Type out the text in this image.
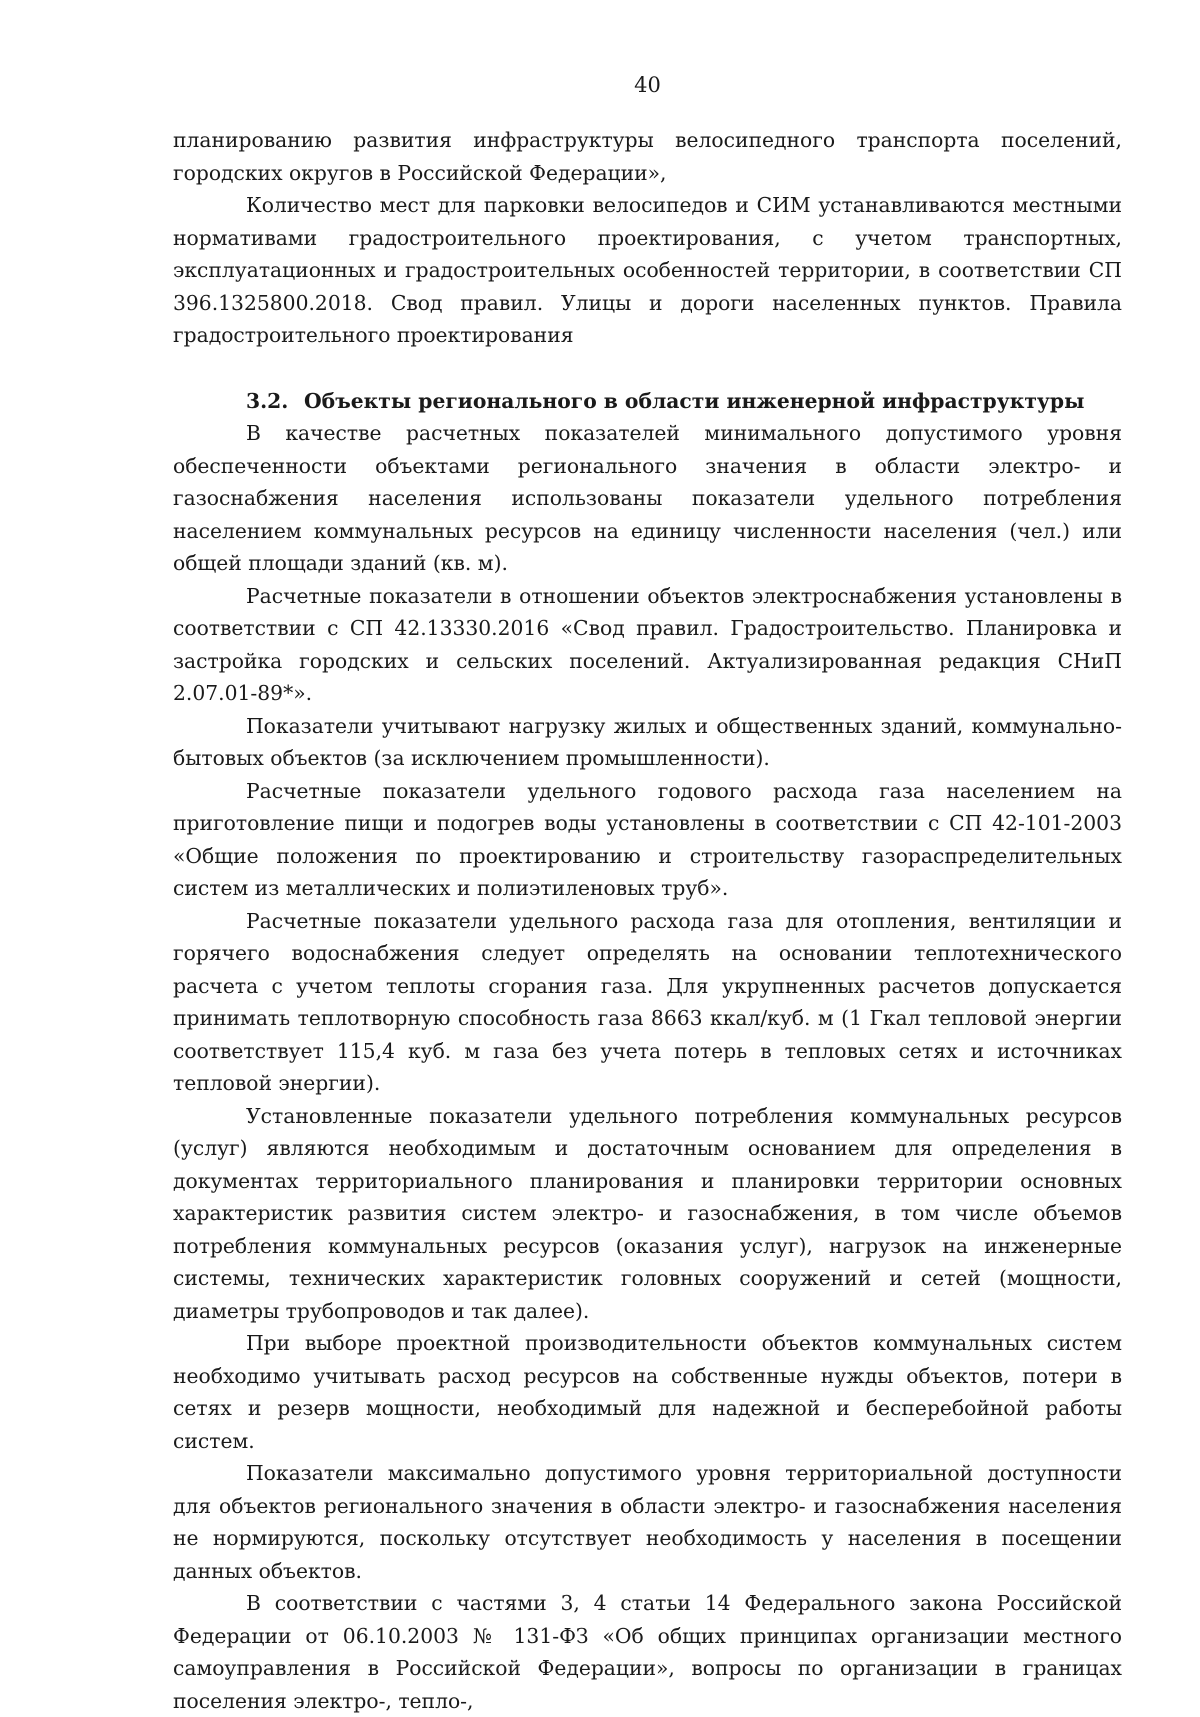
40

планированию развития инфраструктуры велосипедного транспорта поселений, городских округов в Российской Федерации»,

Количество мест для парковки велосипедов и СИМ устанавливаются местными нормативами градостроительного проектирования, с учетом транспортных, эксплуатационных и градостроительных особенностей территории, в соответствии СП 396.1325800.2018. Свод правил. Улицы и дороги населенных пунктов. Правила градостроительного проектирования

3.2. Объекты регионального в области инженерной инфраструктуры

В качестве расчетных показателей минимального допустимого уровня обеспеченности объектами регионального значения в области электро- и газоснабжения населения использованы показатели удельного потребления населением коммунальных ресурсов на единицу численности населения (чел.) или общей площади зданий (кв. м).

Расчетные показатели в отношении объектов электроснабжения установлены в соответствии с СП 42.13330.2016 «Свод правил. Градостроительство. Планировка и застройка городских и сельских поселений. Актуализированная редакция СНиП 2.07.01-89*».

Показатели учитывают нагрузку жилых и общественных зданий, коммунально-бытовых объектов (за исключением промышленности).

Расчетные показатели удельного годового расхода газа населением на приготовление пищи и подогрев воды установлены в соответствии с СП 42-101-2003 «Общие положения по проектированию и строительству газораспределительных систем из металлических и полиэтиленовых труб».

Расчетные показатели удельного расхода газа для отопления, вентиляции и горячего водоснабжения следует определять на основании теплотехнического расчета с учетом теплоты сгорания газа. Для укрупненных расчетов допускается принимать теплотворную способность газа 8663 ккал/куб. м (1 Гкал тепловой энергии соответствует 115,4 куб. м газа без учета потерь в тепловых сетях и источниках тепловой энергии).

Установленные показатели удельного потребления коммунальных ресурсов (услуг) являются необходимым и достаточным основанием для определения в документах территориального планирования и планировки территории основных характеристик развития систем электро- и газоснабжения, в том числе объемов потребления коммунальных ресурсов (оказания услуг), нагрузок на инженерные системы, технических характеристик головных сооружений и сетей (мощности, диаметры трубопроводов и так далее).

При выборе проектной производительности объектов коммунальных систем необходимо учитывать расход ресурсов на собственные нужды объектов, потери в сетях и резерв мощности, необходимый для надежной и бесперебойной работы систем.

Показатели максимально допустимого уровня территориальной доступности для объектов регионального значения в области электро- и газоснабжения населения не нормируются, поскольку отсутствует необходимость у населения в посещении данных объектов.

В соответствии с частями 3, 4 статьи 14 Федерального закона Российской Федерации от 06.10.2003 № 131-ФЗ «Об общих принципах организации местного самоуправления в Российской Федерации», вопросы по организации в границах поселения электро-, тепло-,
